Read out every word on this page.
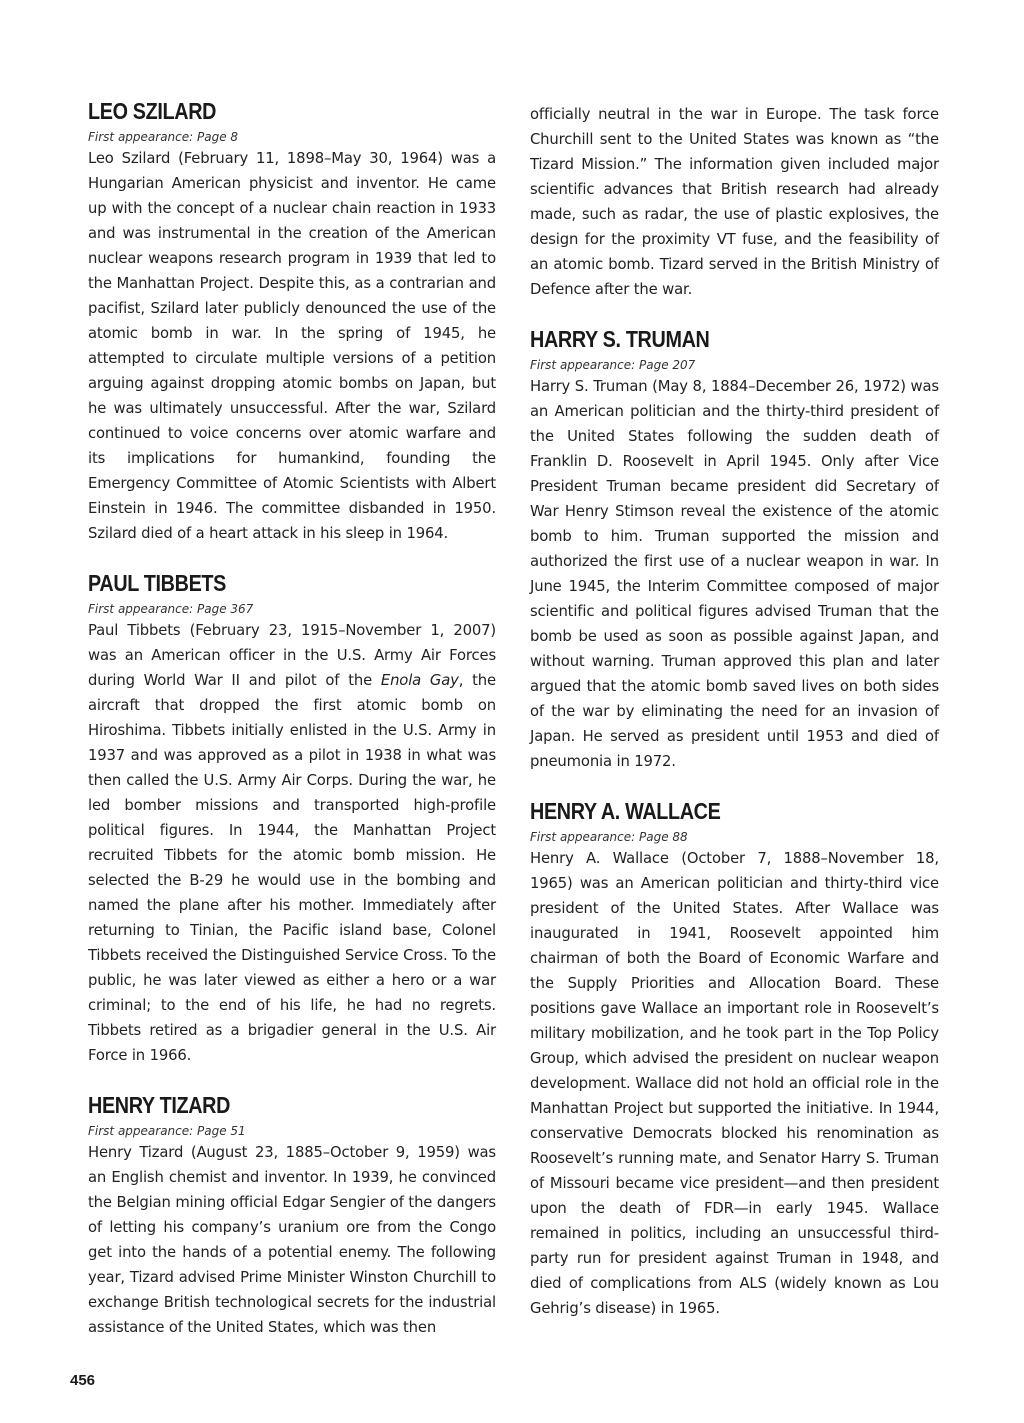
LEO SZILARD
First appearance: Page 8

Leo Szilard (February 11, 1898–May 30, 1964) was a Hungarian American physicist and inventor. He came up with the concept of a nuclear chain reaction in 1933 and was instrumental in the creation of the American nuclear weapons research program in 1939 that led to the Manhattan Project. Despite this, as a contrarian and pacifist, Szilard later publicly denounced the use of the atomic bomb in war. In the spring of 1945, he attempted to circulate multiple versions of a petition arguing against dropping atomic bombs on Japan, but he was ultimately unsuccessful. After the war, Szilard continued to voice concerns over atomic warfare and its implications for humankind, founding the Emergency Committee of Atomic Scientists with Albert Einstein in 1946. The committee disbanded in 1950. Szilard died of a heart attack in his sleep in 1964.

PAUL TIBBETS
First appearance: Page 367

Paul Tibbets (February 23, 1915–November 1, 2007) was an American officer in the U.S. Army Air Forces during World War II and pilot of the Enola Gay, the aircraft that dropped the first atomic bomb on Hiroshima. Tibbets initially enlisted in the U.S. Army in 1937 and was approved as a pilot in 1938 in what was then called the U.S. Army Air Corps. During the war, he led bomber missions and transported high-profile political figures. In 1944, the Manhattan Project recruited Tibbets for the atomic bomb mission. He selected the B-29 he would use in the bombing and named the plane after his mother. Immediately after returning to Tinian, the Pacific island base, Colonel Tibbets received the Distinguished Service Cross. To the public, he was later viewed as either a hero or a war criminal; to the end of his life, he had no regrets. Tibbets retired as a brigadier general in the U.S. Air Force in 1966.

HENRY TIZARD
First appearance: Page 51

Henry Tizard (August 23, 1885–October 9, 1959) was an English chemist and inventor. In 1939, he convinced the Belgian mining official Edgar Sengier of the dangers of letting his company’s uranium ore from the Congo get into the hands of a potential enemy. The following year, Tizard advised Prime Minister Winston Churchill to exchange British technological secrets for the industrial assistance of the United States, which was then

officially neutral in the war in Europe. The task force Churchill sent to the United States was known as “the Tizard Mission.” The information given included major scientific advances that British research had already made, such as radar, the use of plastic explosives, the design for the proximity VT fuse, and the feasibility of an atomic bomb. Tizard served in the British Ministry of Defence after the war.

HARRY S. TRUMAN
First appearance: Page 207

Harry S. Truman (May 8, 1884–December 26, 1972) was an American politician and the thirty-third president of the United States following the sudden death of Franklin D. Roosevelt in April 1945. Only after Vice President Truman became president did Secretary of War Henry Stimson reveal the existence of the atomic bomb to him. Truman supported the mission and authorized the first use of a nuclear weapon in war. In June 1945, the Interim Committee composed of major scientific and political figures advised Truman that the bomb be used as soon as possible against Japan, and without warning. Truman approved this plan and later argued that the atomic bomb saved lives on both sides of the war by eliminating the need for an invasion of Japan. He served as president until 1953 and died of pneumonia in 1972.

HENRY A. WALLACE
First appearance: Page 88

Henry A. Wallace (October 7, 1888–November 18, 1965) was an American politician and thirty-third vice president of the United States. After Wallace was inaugurated in 1941, Roosevelt appointed him chairman of both the Board of Economic Warfare and the Supply Priorities and Allocation Board. These positions gave Wallace an important role in Roosevelt’s military mobilization, and he took part in the Top Policy Group, which advised the president on nuclear weapon development. Wallace did not hold an official role in the Manhattan Project but supported the initiative. In 1944, conservative Democrats blocked his renomination as Roosevelt’s running mate, and Senator Harry S. Truman of Missouri became vice president—and then president upon the death of FDR—in early 1945. Wallace remained in politics, including an unsuccessful third-party run for president against Truman in 1948, and died of complications from ALS (widely known as Lou Gehrig’s disease) in 1965.

456
